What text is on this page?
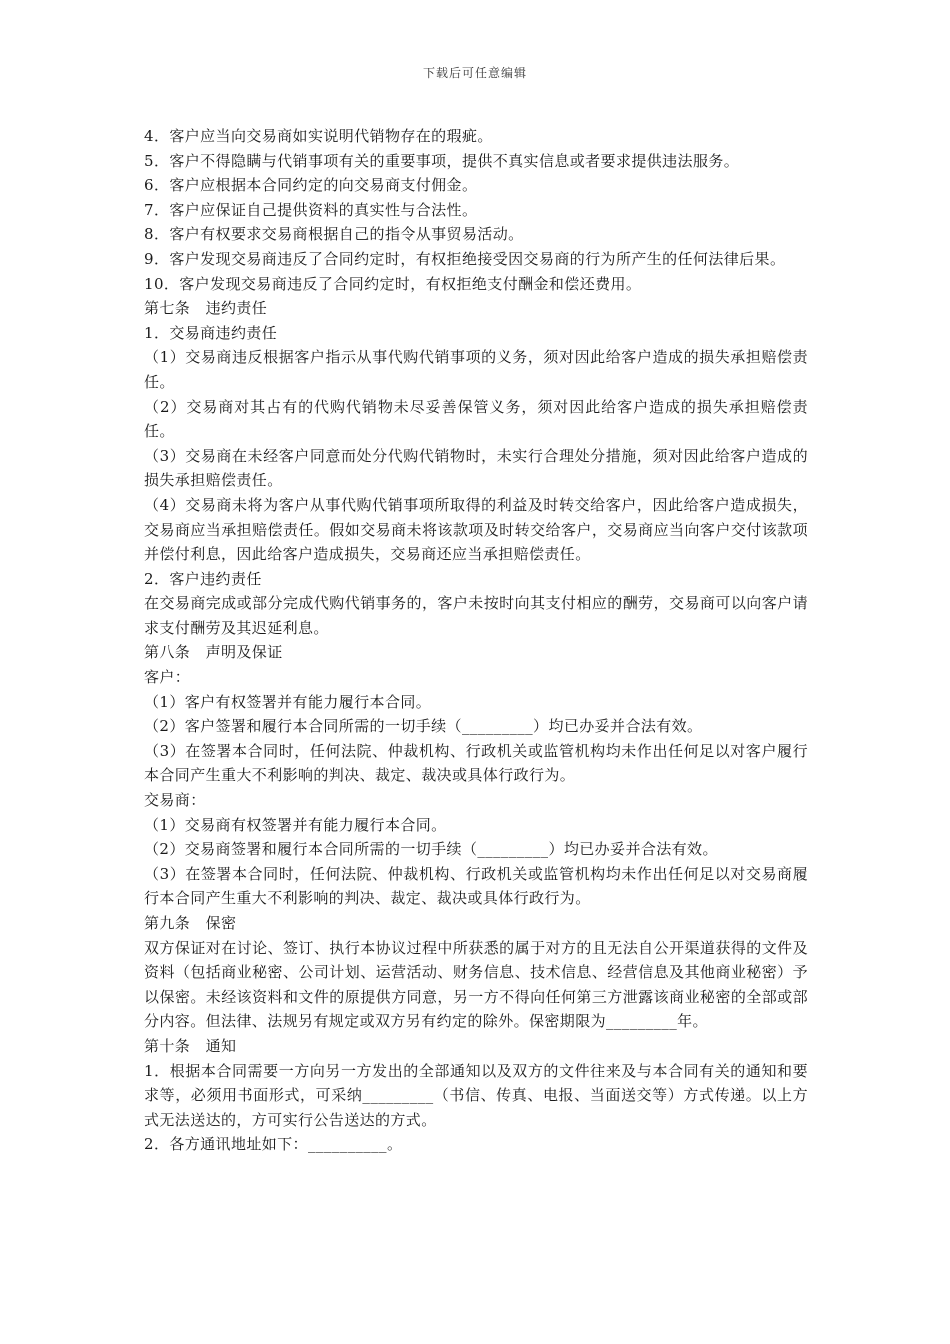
下载后可任意编辑

4．客户应当向交易商如实说明代销物存在的瑕疵。

5．客户不得隐瞒与代销事项有关的重要事项，提供不真实信息或者要求提供违法服务。

6．客户应根据本合同约定的向交易商支付佣金。

7．客户应保证自己提供资料的真实性与合法性。

8．客户有权要求交易商根据自己的指令从事贸易活动。

9．客户发现交易商违反了合同约定时，有权拒绝接受因交易商的行为所产生的任何法律后果。

10．客户发现交易商违反了合同约定时，有权拒绝支付酬金和偿还费用。

第七条　违约责任

1．交易商违约责任

（1）交易商违反根据客户指示从事代购代销事项的义务，须对因此给客户造成的损失承担赔偿责任。

（2）交易商对其占有的代购代销物未尽妥善保管义务，须对因此给客户造成的损失承担赔偿责任。

（3）交易商在未经客户同意而处分代购代销物时，未实行合理处分措施，须对因此给客户造成的损失承担赔偿责任。

（4）交易商未将为客户从事代购代销事项所取得的利益及时转交给客户，因此给客户造成损失，交易商应当承担赔偿责任。假如交易商未将该款项及时转交给客户，交易商应当向客户交付该款项并偿付利息，因此给客户造成损失，交易商还应当承担赔偿责任。

2．客户违约责任

在交易商完成或部分完成代购代销事务的，客户未按时向其支付相应的酬劳，交易商可以向客户请求支付酬劳及其迟延利息。

第八条　声明及保证

客户：

（1）客户有权签署并有能力履行本合同。

（2）客户签署和履行本合同所需的一切手续（_________）均已办妥并合法有效。

（3）在签署本合同时，任何法院、仲裁机构、行政机关或监管机构均未作出任何足以对客户履行本合同产生重大不利影响的判决、裁定、裁决或具体行政行为。

交易商：

（1）交易商有权签署并有能力履行本合同。

（2）交易商签署和履行本合同所需的一切手续（_________）均已办妥并合法有效。

（3）在签署本合同时，任何法院、仲裁机构、行政机关或监管机构均未作出任何足以对交易商履行本合同产生重大不利影响的判决、裁定、裁决或具体行政行为。

第九条　保密

双方保证对在讨论、签订、执行本协议过程中所获悉的属于对方的且无法自公开渠道获得的文件及资料（包括商业秘密、公司计划、运营活动、财务信息、技术信息、经营信息及其他商业秘密）予以保密。未经该资料和文件的原提供方同意，另一方不得向任何第三方泄露该商业秘密的全部或部分内容。但法律、法规另有规定或双方另有约定的除外。保密期限为_________年。

第十条　通知

1．根据本合同需要一方向另一方发出的全部通知以及双方的文件往来及与本合同有关的通知和要求等，必须用书面形式，可采纳_________（书信、传真、电报、当面送交等）方式传递。以上方式无法送达的，方可实行公告送达的方式。

2．各方通讯地址如下：__________。
